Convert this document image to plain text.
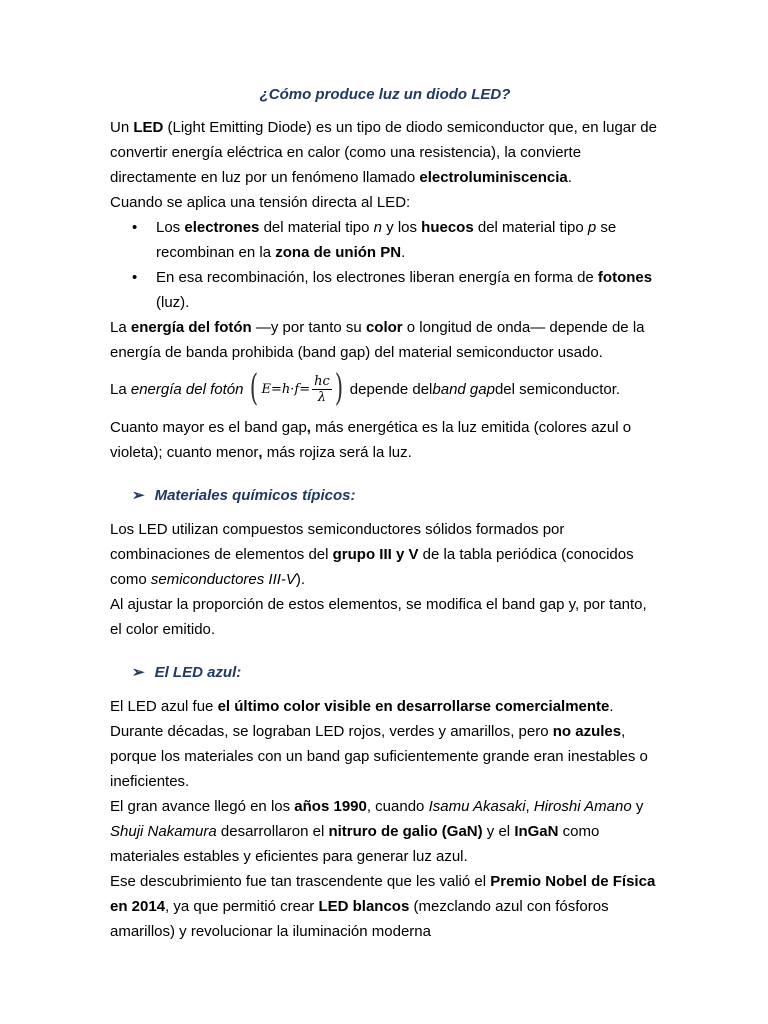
¿Cómo produce luz un diodo LED?

Un LED (Light Emitting Diode) es un tipo de diodo semiconductor que, en lugar de convertir energía eléctrica en calor (como una resistencia), la convierte directamente en luz por un fenómeno llamado electroluminiscencia.

Cuando se aplica una tensión directa al LED:

• Los electrones del material tipo n y los huecos del material tipo p se recombinan en la zona de unión PN.
• En esa recombinación, los electrones liberan energía en forma de fotones (luz).

La energía del fotón —y por tanto su color o longitud de onda— depende de la energía de banda prohibida (band gap) del material semiconductor usado.

La
energía del fotón ( $E=h\cdot f= \frac{hc}{\lambda}$ ) depende del band gap del semiconductor.

Cuanto mayor es el band gap, más energética es la luz emitida (colores azul o violeta); cuanto menor, más rojiza será la luz.

➢ Materiales químicos típicos:

Los LED utilizan compuestos semiconductores sólidos formados por combinaciones de elementos del grupo III y V de la tabla periódica (conocidos como semiconductores III-V).

Al ajustar la proporción de estos elementos, se modifica el band gap y, por tanto, el color emitido.

➢ El LED azul:

El LED azul fue el último color visible en desarrollarse comercialmente.

Durante décadas, se lograban LED rojos, verdes y amarillos, pero no azules, porque los materiales con un band gap suficientemente grande eran inestables o ineficientes.

El gran avance llegó en los años 1990, cuando Isamu Akasaki, Hiroshi Amano y Shuji Nakamura desarrollaron el nitruro de galio (GaN) y el InGaN como materiales estables y eficientes para generar luz azul.

Ese descubrimiento fue tan trascendente que les valió el Premio Nobel de Física en 2014, ya que permitió crear LED blancos (mezclando azul con fósforos amarillos) y revolucionar la iluminación moderna
